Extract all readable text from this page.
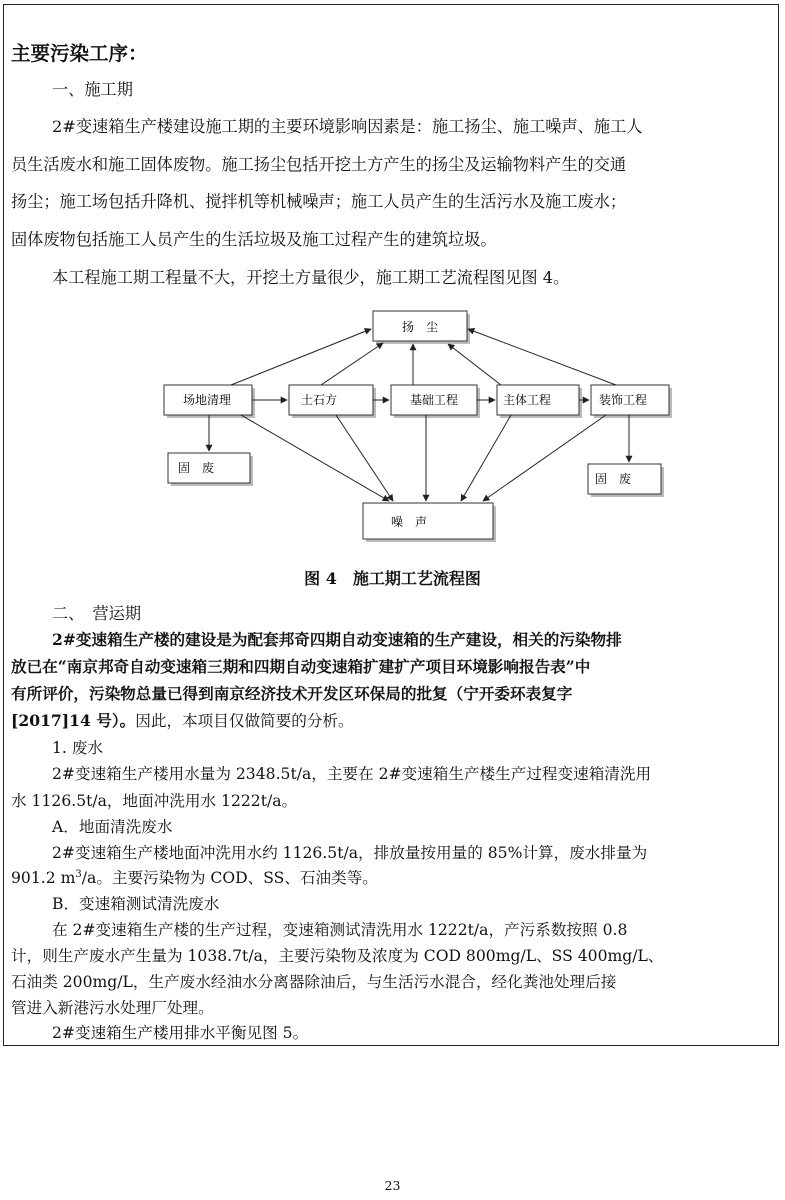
主要污染工序：
一、施工期
2#变速箱生产楼建设施工期的主要环境影响因素是：施工扬尘、施工噪声、施工人
员生活废水和施工固体废物。施工扬尘包括开挖土方产生的扬尘及运输物料产生的交通
扬尘；施工场包括升降机、搅拌机等机械噪声；施工人员产生的生活污水及施工废水；
固体废物包括施工人员产生的生活垃圾及施工过程产生的建筑垃圾。
本工程施工期工程量不大，开挖土方量很少，施工期工艺流程图见图 4。
扬　尘
场地清理	土石方	基础工程	主体工程	装饰工程
固　废
固　废
噪　声
图 4　施工期工艺流程图
二、　营运期
2#变速箱生产楼的建设是为配套邦奇四期自动变速箱的生产建设，相关的污染物排
放已在“南京邦奇自动变速箱三期和四期自动变速箱扩建扩产项目环境影响报告表”中
有所评价，污染物总量已得到南京经济技术开发区环保局的批复（宁开委环表复字
[2017]14 号）。因此，本项目仅做简要的分析。
1. 废水
2#变速箱生产楼用水量为 2348.5t/a，主要在 2#变速箱生产楼生产过程变速箱清洗用
水 1126.5t/a，地面冲洗用水 1222t/a。
A．地面清洗废水
2#变速箱生产楼地面冲洗用水约 1126.5t/a，排放量按用量的 85%计算，废水排量为
901.2 $m^3/a$。主要污染物为 COD、SS、石油类等。
B．变速箱测试清洗废水
在 2#变速箱生产楼的生产过程，变速箱测试清洗用水 1222t/a，产污系数按照 0.8
计，则生产废水产生量为 1038.7t/a，主要污染物及浓度为 COD 800mg/L、SS 400mg/L、
石油类 200mg/L，生产废水经油水分离器除油后，与生活污水混合，经化粪池处理后接
管进入新港污水处理厂处理。
2#变速箱生产楼用排水平衡见图 5。
23
